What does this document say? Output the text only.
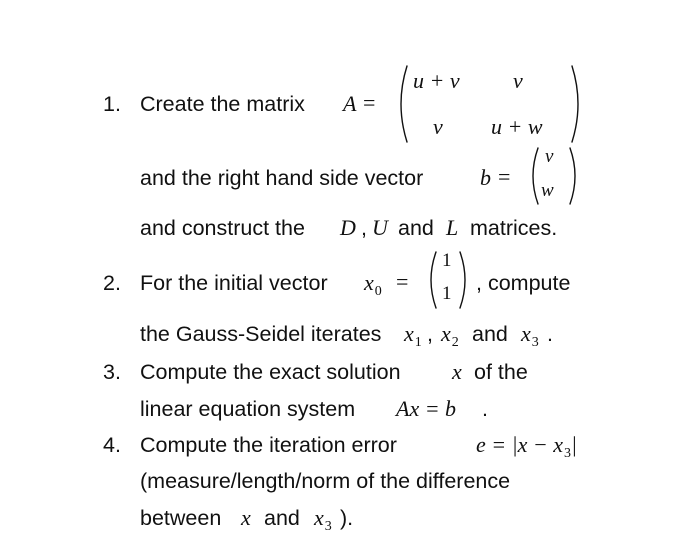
1. Create the matrix A =
u + v v
v u + w
and the right hand side vector	b =
v
w
and construct the D , U and L matrices.
2. For the initial vector $x_0$ =
1
1 , compute
the Gauss-Seidel iterates $x_1$ , $x_2$ and $x_3$ .
3. Compute the exact solution x of the
linear equation system Ax = b .
4. Compute the iteration error	$e = |x - x_3|$
(measure/length/norm of the difference
between x and $x_3$ ).
